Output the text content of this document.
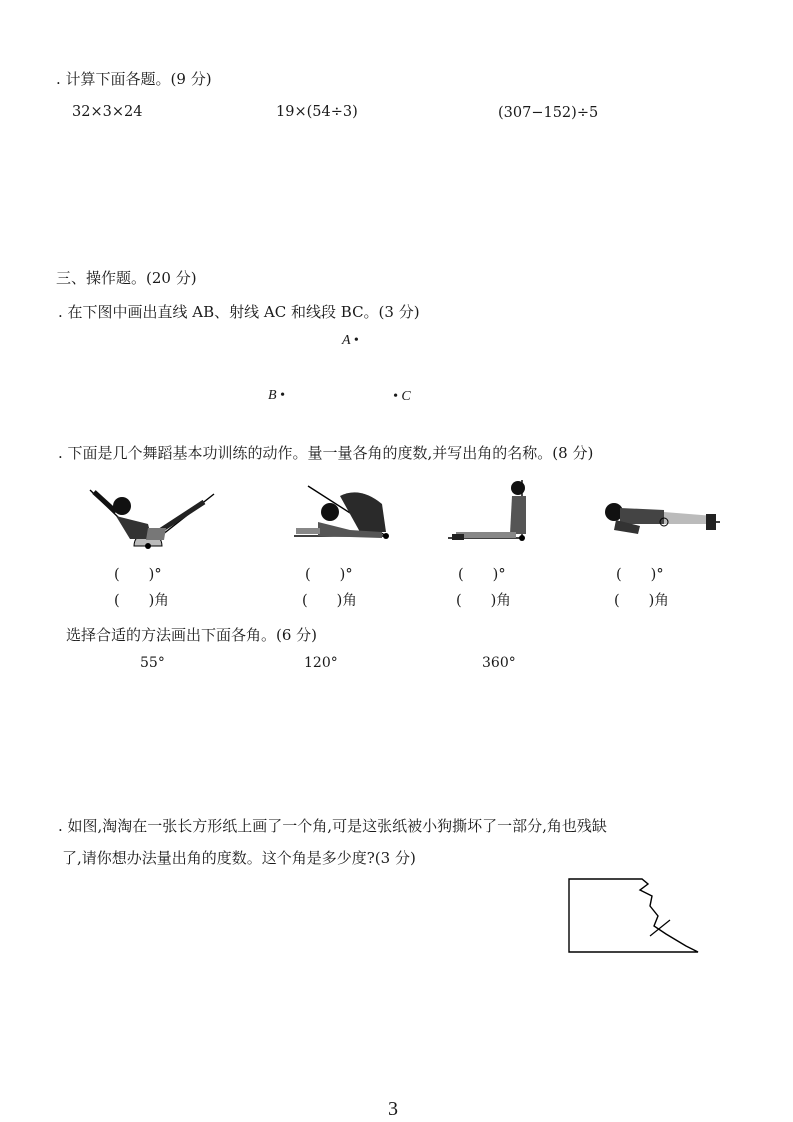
. 计算下面各题。(9 分)
32×3×24	19×(54÷3)	(307−152)÷5
三、操作题。(20 分)
. 在下图中画出直线 AB、射线 AC 和线段 BC。(3 分)
A •
B •	• C
. 下面是几个舞蹈基本功训练的动作。量一量各角的度数,并写出角的名称。(8 分)
(　　)°	(　　)°	(　　)°	(　　)°
(　　)角	(　　)角	(　　)角	(　　)角
选择合适的方法画出下面各角。(6 分)
55°	120°	360°
. 如图,淘淘在一张长方形纸上画了一个角,可是这张纸被小狗撕坏了一部分,角也残缺
了,请你想办法量出角的度数。这个角是多少度?(3 分)
3
